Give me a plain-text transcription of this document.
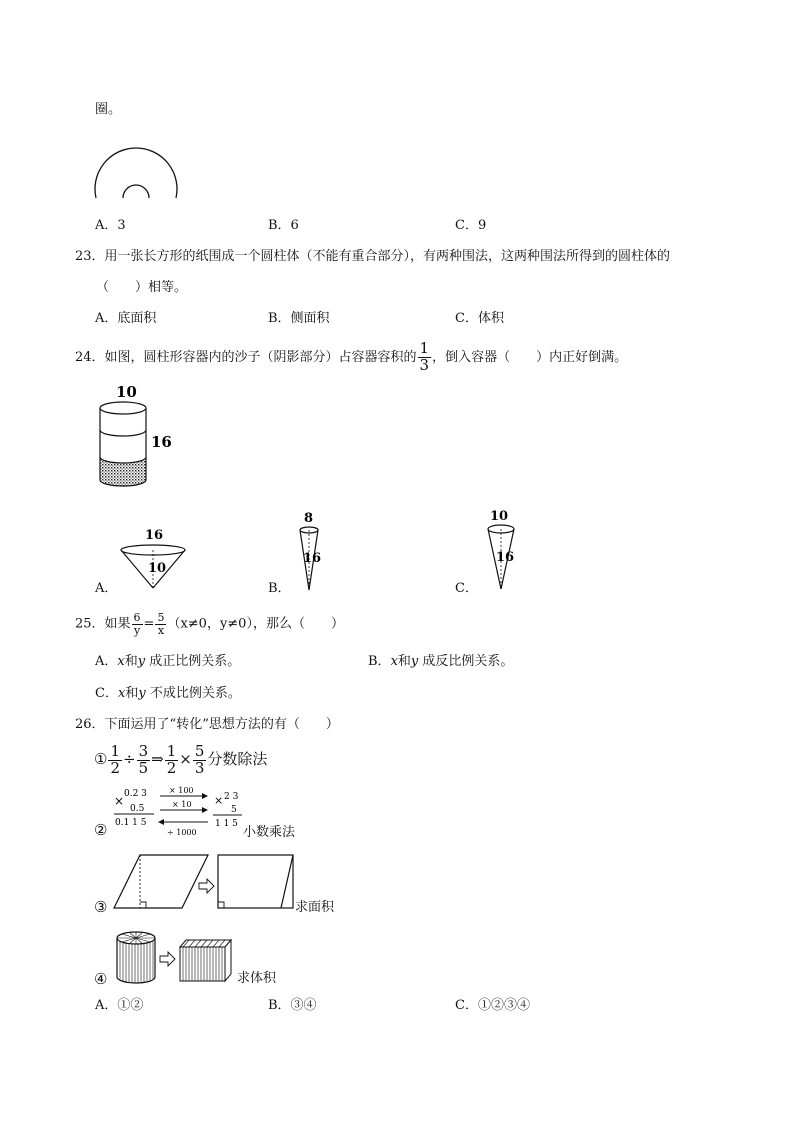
圈。
A．3	B．6	C．9
23．用一张长方形的纸围成一个圆柱体（不能有重合部分），有两种围法，这两种围法所得到的圆柱体的
（　　）相等。
A．底面积	B．侧面积	C．体积
24．如图，圆柱形容器内的沙子（阴影部分）占容器容积的 $\frac{1}{3}$ ，倒入容器（　　）内正好倒满。
10
16
16
10
A．
8
16
B．
10
16
C．
25．如果 $\frac{6}{y} = \frac{5}{x} (x\ne 0$，y≠0），那么（　　）
A．x和y 成正比例关系。	B．x和y 成反比例关系。
C．x和y 不成比例关系。
26．下面运用了“转化”思想方法的有（　　）
① $\frac{1}{2} \div \frac{3}{5}$ ⇒ $\frac{1}{2} \times \frac{5}{3}$ 分数除法
②
× 0.2 3
0.5
0.1 1 5
× 100
× 10
÷ 1000
× 2 3
5
1 1 5
小数乘法
③	求面积
④	求体积
A．①②	B．③④	C．①②③④
